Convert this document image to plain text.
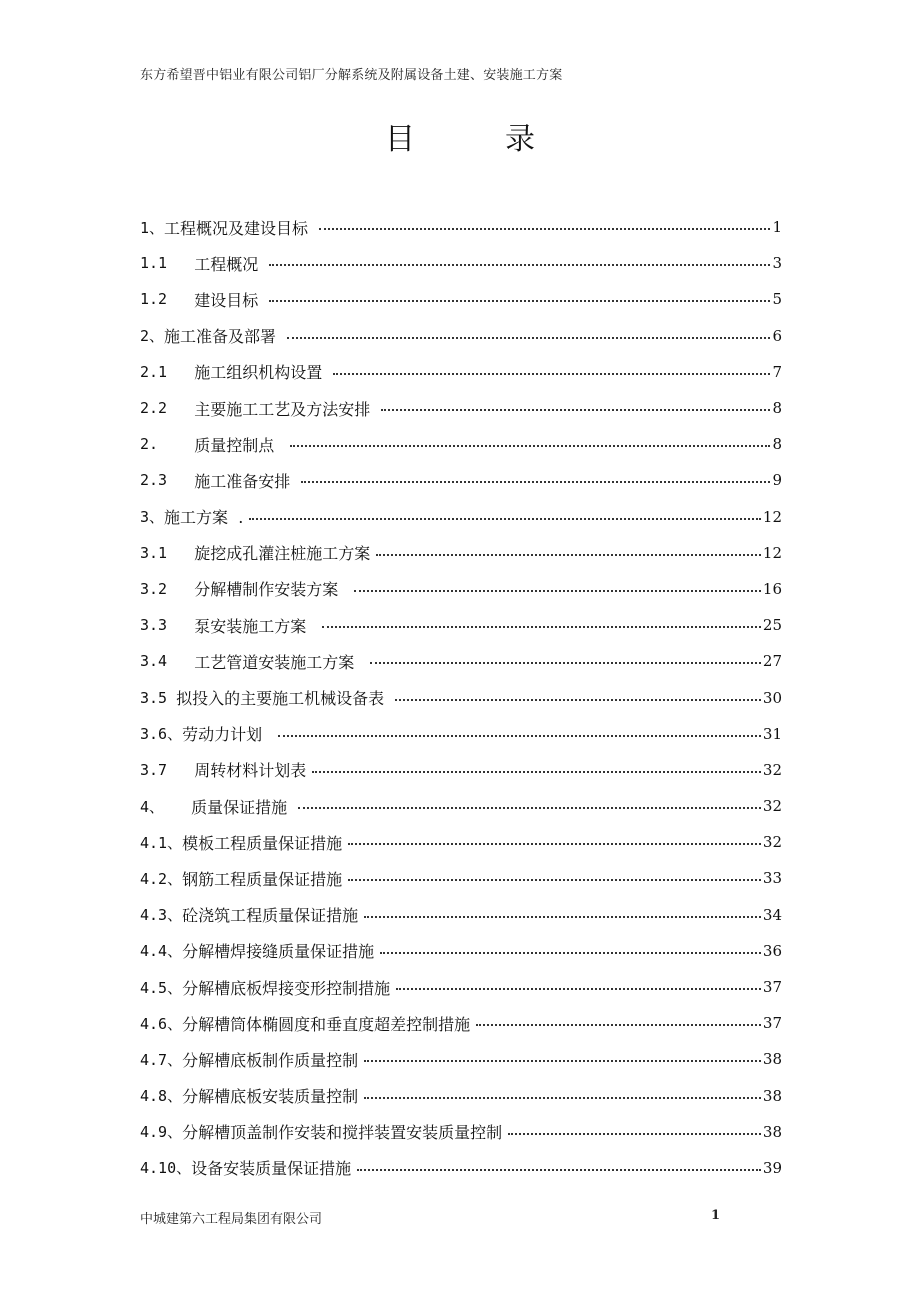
东方希望晋中铝业有限公司铝厂分解系统及附属设备土建、安装施工方案
目	录
1、 工程概况及建设目标	1
1.1 工程概况	3
1.2 建设目标	5
2、 施工准备及部署	6
2.1 施工组织机构设置	7
2.2 主要施工工艺及方法安排	8
2. 质量控制点	8
2.3 施工准备安排	9
3、 施工方案  .	12
3.1 旋挖成孔灌注桩施工方案	12
3.2 分解槽制作安装方案	16
3.3 泵安装施工方案	25
3.4 工艺管道安装施工方案	27
3.5 拟投入的主要施工机械设备表	30
3.6、 劳动力计划	31
3.7 周转材料计划表	32
4、 质量保证措施	32
4.1、 模板工程质量保证措施	32
4.2、 钢筋工程质量保证措施	33
4.3、 砼浇筑工程质量保证措施	34
4.4、 分解槽焊接缝质量保证措施	36
4.5、 分解槽底板焊接变形控制措施	37
4.6、 分解槽筒体椭圆度和垂直度超差控制措施	37
4.7、 分解槽底板制作质量控制	38
4.8、 分解槽底板安装质量控制	38
4.9、 分解槽顶盖制作安装和搅拌装置安装质量控制	38
4.10、 设备安装质量保证措施	39
中城建第六工程局集团有限公司	1
